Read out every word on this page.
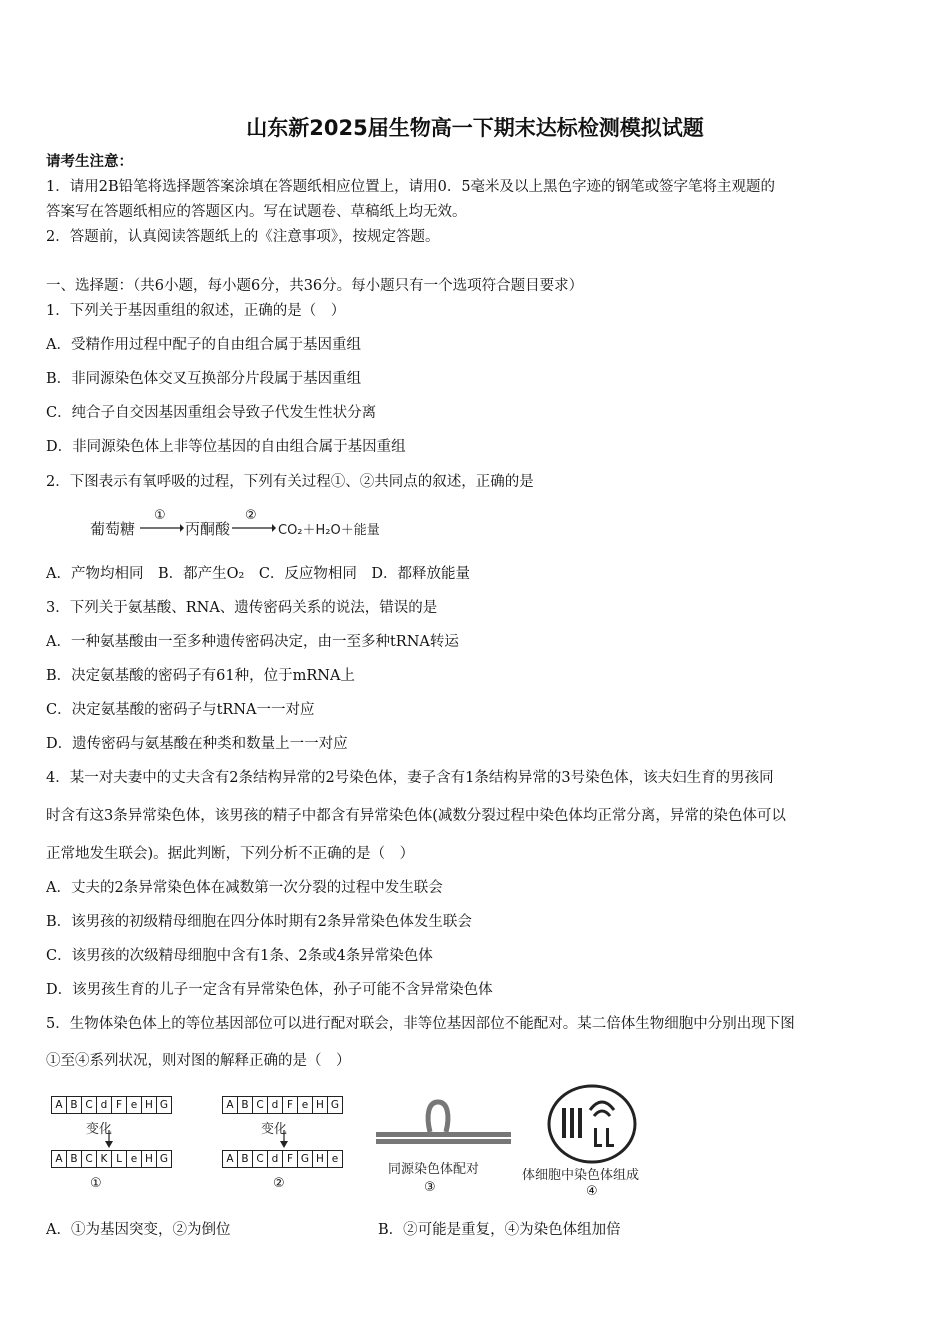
山东新2025届生物高一下期末达标检测模拟试题
请考生注意：
1．请用2B铅笔将选择题答案涂填在答题纸相应位置上，请用0．5毫米及以上黑色字迹的钢笔或签字笔将主观题的
答案写在答题纸相应的答题区内。写在试题卷、草稿纸上均无效。
2．答题前，认真阅读答题纸上的《注意事项》，按规定答题。
一、选择题：（共6小题，每小题6分，共36分。每小题只有一个选项符合题目要求）
1．下列关于基因重组的叙述，正确的是（　）
A．受精作用过程中配子的自由组合属于基因重组
B．非同源染色体交叉互换部分片段属于基因重组
C．纯合子自交因基因重组会导致子代发生性状分离
D．非同源染色体上非等位基因的自由组合属于基因重组
2．下图表示有氧呼吸的过程，下列有关过程①、②共同点的叙述，正确的是
葡萄糖
①
丙酮酸
②
CO₂＋H₂O＋能量
A．产物均相同　B．都产生O₂　C．反应物相同　D．都释放能量
3．下列关于氨基酸、RNA、遗传密码关系的说法，错误的是
A．一种氨基酸由一至多种遗传密码决定，由一至多种tRNA转运
B．决定氨基酸的密码子有61种，位于mRNA上
C．决定氨基酸的密码子与tRNA一一对应
D．遗传密码与氨基酸在种类和数量上一一对应
4．某一对夫妻中的丈夫含有2条结构异常的2号染色体，妻子含有1条结构异常的3号染色体，该夫妇生育的男孩同
时含有这3条异常染色体，该男孩的精子中都含有异常染色体(减数分裂过程中染色体均正常分离，异常的染色体可以
正常地发生联会)。据此判断，下列分析不正确的是（　）
A．丈夫的2条异常染色体在减数第一次分裂的过程中发生联会
B．该男孩的初级精母细胞在四分体时期有2条异常染色体发生联会
C．该男孩的次级精母细胞中含有1条、2条或4条异常染色体
D．该男孩生育的儿子一定含有异常染色体，孙子可能不含异常染色体
5．生物体染色体上的等位基因部位可以进行配对联会，非等位基因部位不能配对。某二倍体生物细胞中分别出现下图
①至④系列状况，则对图的解释正确的是（　）
A B C d F e H G
变化
A B C K L e H G
①
A B C d F e H G
变化
A B C d F G H e
②
同源染色体配对
③
体细胞中染色体组成
④
A．①为基因突变，②为倒位	B．②可能是重复，④为染色体组加倍
